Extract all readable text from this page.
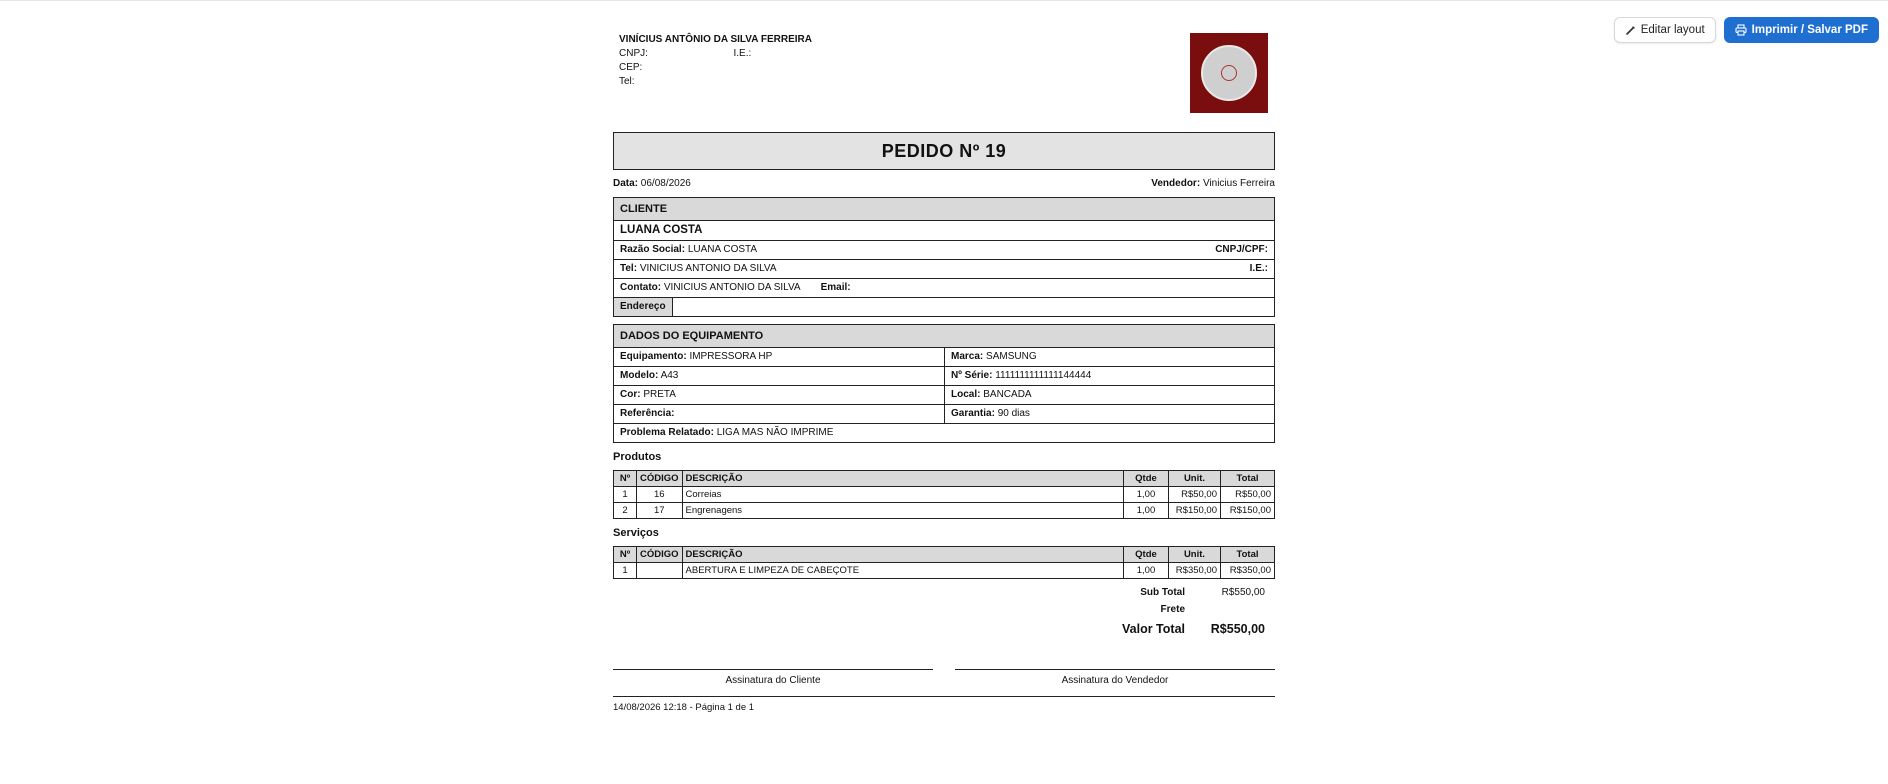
Editar layout	Imprimir / Salvar PDF
VINÍCIUS ANTÔNIO DA SILVA FERREIRA
CNPJ:	I.E.:
CEP:
Tel:
PEDIDO Nº 19
Data: 06/08/2026	Vendedor: Vinicius Ferreira
CLIENTE
LUANA COSTA
Razão Social: LUANA COSTA	CNPJ/CPF:
Tel: VINICIUS ANTONIO DA SILVA	I.E.:
Contato: VINICIUS ANTONIO DA SILVA Email:
Endereço
DADOS DO EQUIPAMENTO
Equipamento: IMPRESSORA HP	Marca: SAMSUNG
Modelo: A43	Nº Série: 1111111111111144444
Cor: PRETA	Local: BANCADA
Referência:	Garantia: 90 dias
Problema Relatado: LIGA MAS NÃO IMPRIME
Produtos
Nº	CÓDIGO	DESCRIÇÃO	Qtde	Unit.	Total
1	16	Correias	1,00	R$50,00	R$50,00
2	17	Engrenagens	1,00	R$150,00	R$150,00
Serviços
Nº	CÓDIGO	DESCRIÇÃO	Qtde	Unit.	Total
1		ABERTURA E LIMPEZA DE CABEÇOTE	1,00	R$350,00	R$350,00
Sub Total	R$550,00
Frete
Valor Total	R$550,00
Assinatura do Cliente	Assinatura do Vendedor
14/08/2026 12:18 - Página 1 de 1
